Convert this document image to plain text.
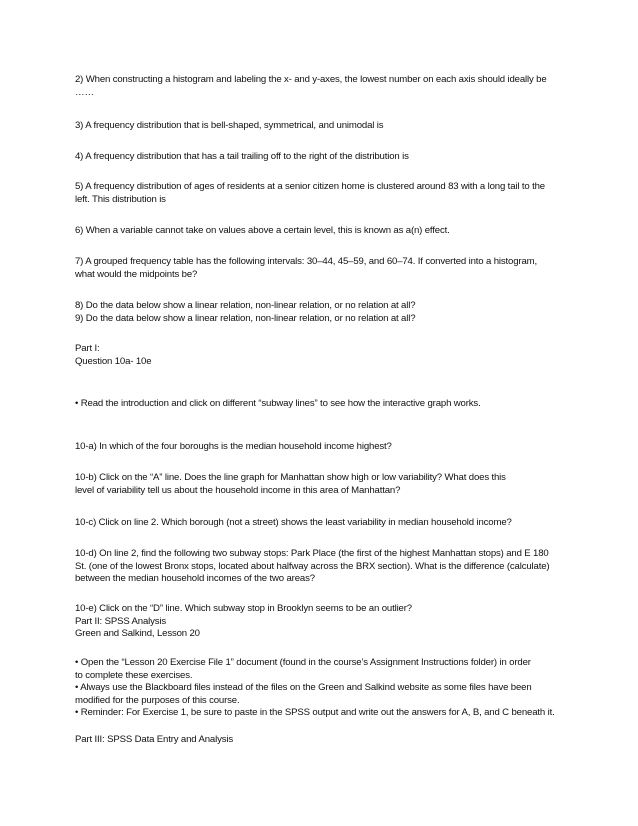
2) When constructing a histogram and labeling the x- and y-axes, the lowest number on each axis should ideally be
……
3) A frequency distribution that is bell-shaped, symmetrical, and unimodal is
4) A frequency distribution that has a tail trailing off to the right of the distribution is
5) A frequency distribution of ages of residents at a senior citizen home is clustered around 83 with a long tail to the
left. This distribution is
6) When a variable cannot take on values above a certain level, this is known as a(n) effect.
7) A grouped frequency table has the following intervals: 30–44, 45–59, and 60–74. If converted into a histogram,
what would the midpoints be?
8) Do the data below show a linear relation, non-linear relation, or no relation at all?
9) Do the data below show a linear relation, non-linear relation, or no relation at all?
Part I:
Question 10a- 10e
• Read the introduction and click on different “subway lines” to see how the interactive graph works.
10-a) In which of the four boroughs is the median household income highest?
10-b) Click on the “A” line. Does the line graph for Manhattan show high or low variability? What does this
level of variability tell us about the household income in this area of Manhattan?
10-c) Click on line 2. Which borough (not a street) shows the least variability in median household income?
10-d) On line 2, find the following two subway stops: Park Place (the first of the highest Manhattan stops) and E 180
St. (one of the lowest Bronx stops, located about halfway across the BRX section). What is the difference (calculate)
between the median household incomes of the two areas?
10-e) Click on the “D” line. Which subway stop in Brooklyn seems to be an outlier?
Part II: SPSS Analysis
Green and Salkind, Lesson 20
• Open the “Lesson 20 Exercise File 1” document (found in the course’s Assignment Instructions folder) in order
to complete these exercises.
• Always use the Blackboard files instead of the files on the Green and Salkind website as some files have been
modified for the purposes of this course.
• Reminder: For Exercise 1, be sure to paste in the SPSS output and write out the answers for A, B, and C beneath it.
Part III: SPSS Data Entry and Analysis
